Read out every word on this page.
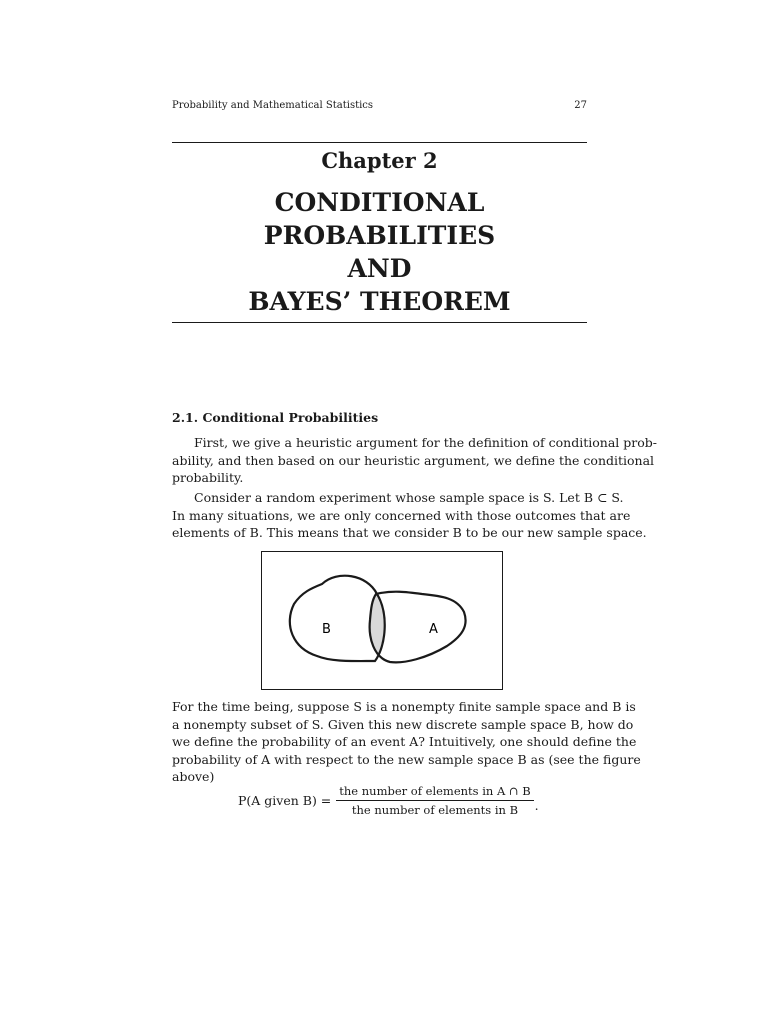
Probability and Mathematical Statistics	27
Chapter 2
CONDITIONAL
PROBABILITIES
AND
BAYES’ THEOREM
2.1. Conditional Probabilities
First, we give a heuristic argument for the definition of conditional prob-
ability, and then based on our heuristic argument, we define the conditional
probability.
Consider a random experiment whose sample space is S. Let B ⊂ S.
In many situations, we are only concerned with those outcomes that are
elements of B. This means that we consider B to be our new sample space.
B	A
For the time being, suppose S is a nonempty finite sample space and B is
a nonempty subset of S. Given this new discrete sample space B, how do
we define the probability of an event A? Intuitively, one should define the
probability of A with respect to the new sample space B as (see the figure
above)
P(A given $B) = \frac{\text{the number of elements in A ∩ B}}{\text{the number of elements in B}}$ .
